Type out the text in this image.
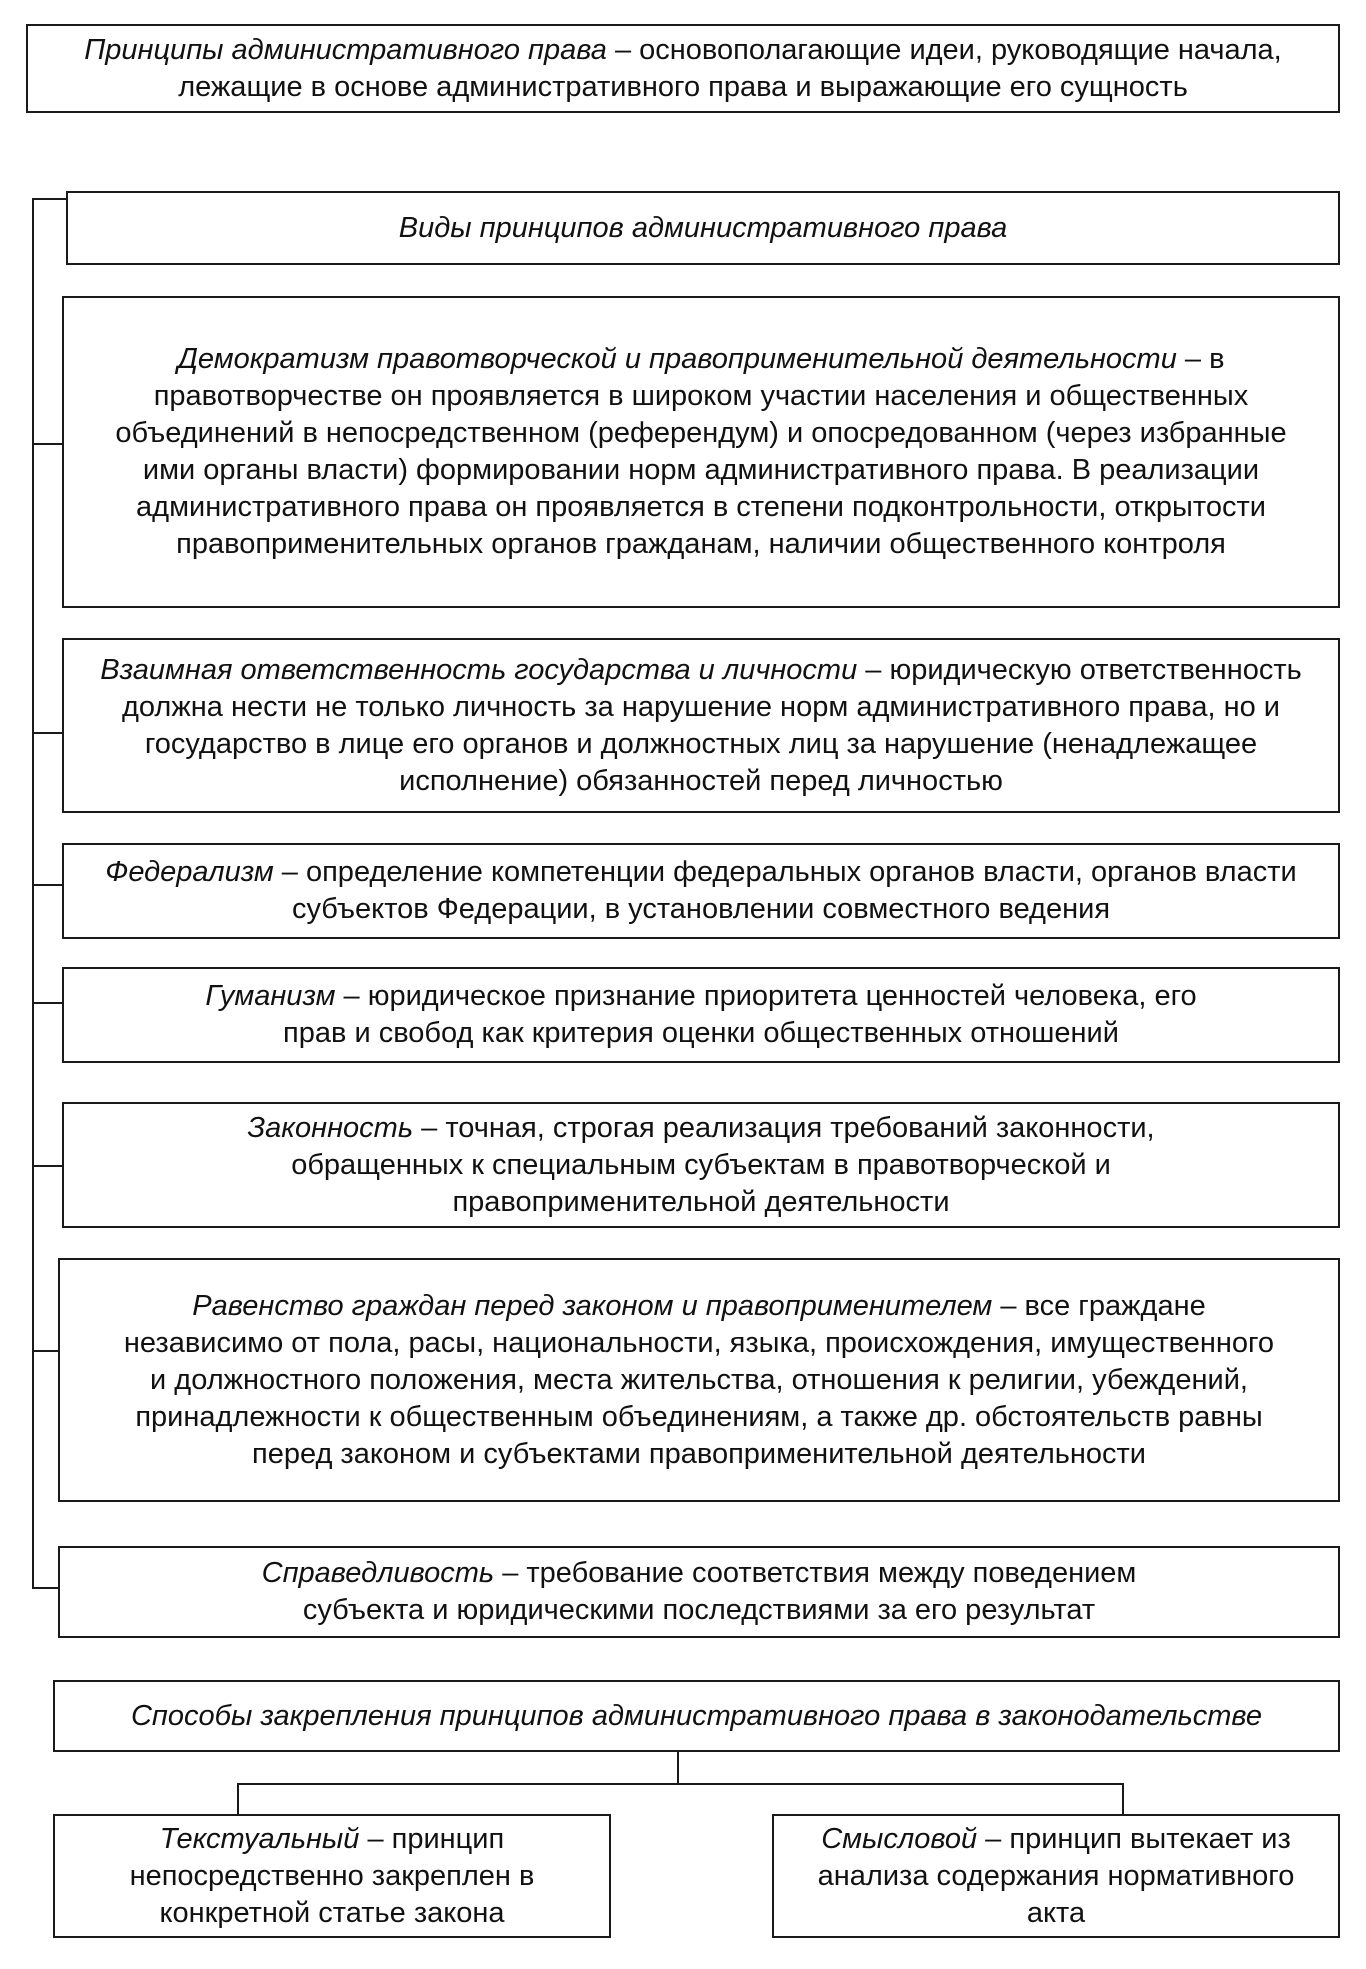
Принципы административного права – основополагающие идеи, руководящие начала, лежащие в основе административного права и выражающие его сущность

Виды принципов административного права

Демократизм правотворческой и правоприменительной деятельности – в правотворчестве он проявляется в широком участии населения и общественных объединений в непосредственном (референдум) и опосредованном (через избранные ими органы власти) формировании норм административного права. В реализации административного права он проявляется в степени подконтрольности, открытости правоприменительных органов гражданам, наличии общественного контроля

Взаимная ответственность государства и личности – юридическую ответственность должна нести не только личность за нарушение норм административного права, но и государство в лице его органов и должностных лиц за нарушение (ненадлежащее исполнение) обязанностей перед личностью

Федерализм – определение компетенции федеральных органов власти, органов власти субъектов Федерации, в установлении совместного ведения

Гуманизм – юридическое признание приоритета ценностей человека, его прав и свобод как критерия оценки общественных отношений

Законность – точная, строгая реализация требований законности, обращенных к специальным субъектам в правотворческой и правоприменительной деятельности

Равенство граждан перед законом и правоприменителем – все граждане независимо от пола, расы, национальности, языка, происхождения, имущественного и должностного положения, места жительства, отношения к религии, убеждений, принадлежности к общественным объединениям, а также др. обстоятельств равны перед законом и субъектами правоприменительной деятельности

Справедливость – требование соответствия между поведением субъекта и юридическими последствиями за его результат

Способы закрепления принципов административного права в законодательстве

Текстуальный – принцип непосредственно закреплен в конкретной статье закона

Смысловой – принцип вытекает из анализа содержания нормативного акта
